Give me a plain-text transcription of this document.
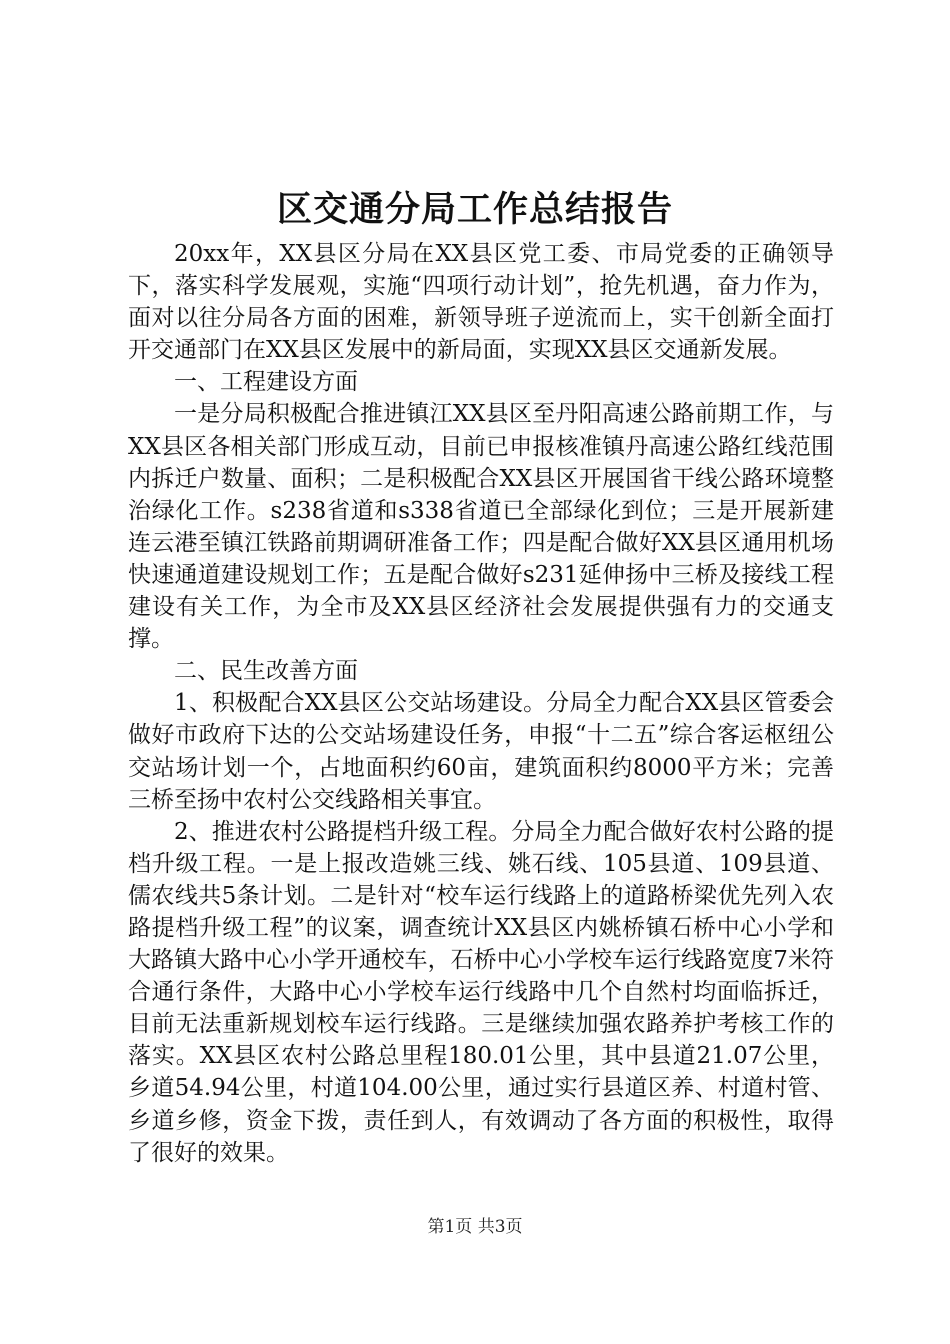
区交通分局工作总结报告

20xx年，XX县区分局在XX县区党工委、市局党委的正确领导下，落实科学发展观，实施“四项行动计划”，抢先机遇，奋力作为，面对以往分局各方面的困难，新领导班子逆流而上，实干创新全面打开交通部门在XX县区发展中的新局面，实现XX县区交通新发展。

一、工程建设方面

一是分局积极配合推进镇江XX县区至丹阳高速公路前期工作，与XX县区各相关部门形成互动，目前已申报核准镇丹高速公路红线范围内拆迁户数量、面积；二是积极配合XX县区开展国省干线公路环境整治绿化工作。s238省道和s338省道已全部绿化到位；三是开展新建连云港至镇江铁路前期调研准备工作；四是配合做好XX县区通用机场快速通道建设规划工作；五是配合做好s231延伸扬中三桥及接线工程建设有关工作，为全市及XX县区经济社会发展提供强有力的交通支撑。

二、民生改善方面

1、积极配合XX县区公交站场建设。分局全力配合XX县区管委会做好市政府下达的公交站场建设任务，申报“十二五”综合客运枢纽公交站场计划一个，占地面积约60亩，建筑面积约8000平方米；完善三桥至扬中农村公交线路相关事宜。

2、推进农村公路提档升级工程。分局全力配合做好农村公路的提档升级工程。一是上报改造姚三线、姚石线、105县道、109县道、儒农线共5条计划。二是针对“校车运行线路上的道路桥梁优先列入农路提档升级工程”的议案，调查统计XX县区内姚桥镇石桥中心小学和大路镇大路中心小学开通校车，石桥中心小学校车运行线路宽度7米符合通行条件，大路中心小学校车运行线路中几个自然村均面临拆迁，目前无法重新规划校车运行线路。三是继续加强农路养护考核工作的落实。XX县区农村公路总里程180.01公里，其中县道21.07公里，乡道54.94公里，村道104.00公里，通过实行县道区养、村道村管、乡道乡修，资金下拨，责任到人，有效调动了各方面的积极性，取得了很好的效果。

第1页 共3页
